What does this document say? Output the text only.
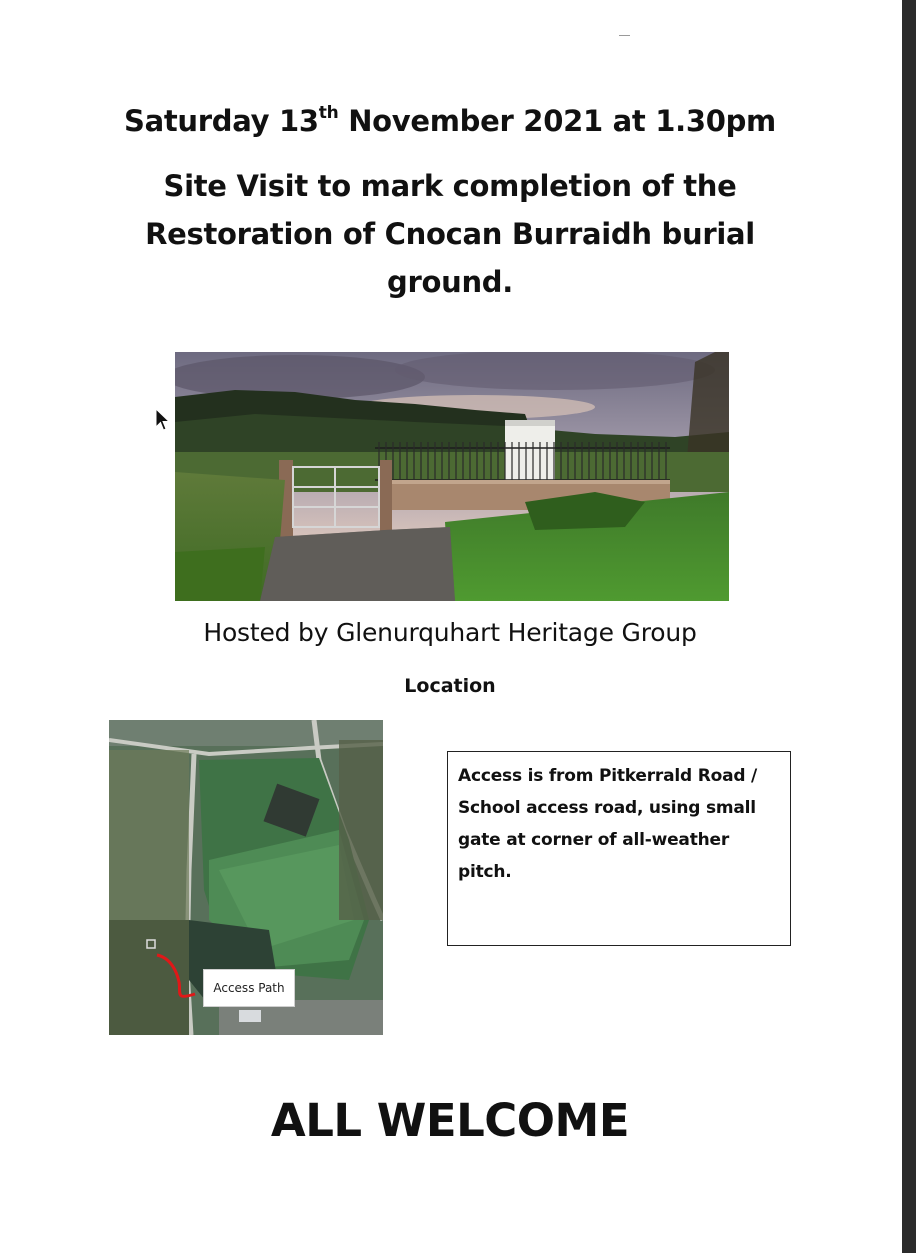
Saturday 13th November 2021 at 1.30pm
Site Visit to mark completion of the Restoration of Cnocan Burraidh burial ground.
Hosted by Glenurquhart Heritage Group
Location
Access Path
Access is from Pitkerrald Road / School access road, using small gate at corner of all-weather pitch.
ALL WELCOME
